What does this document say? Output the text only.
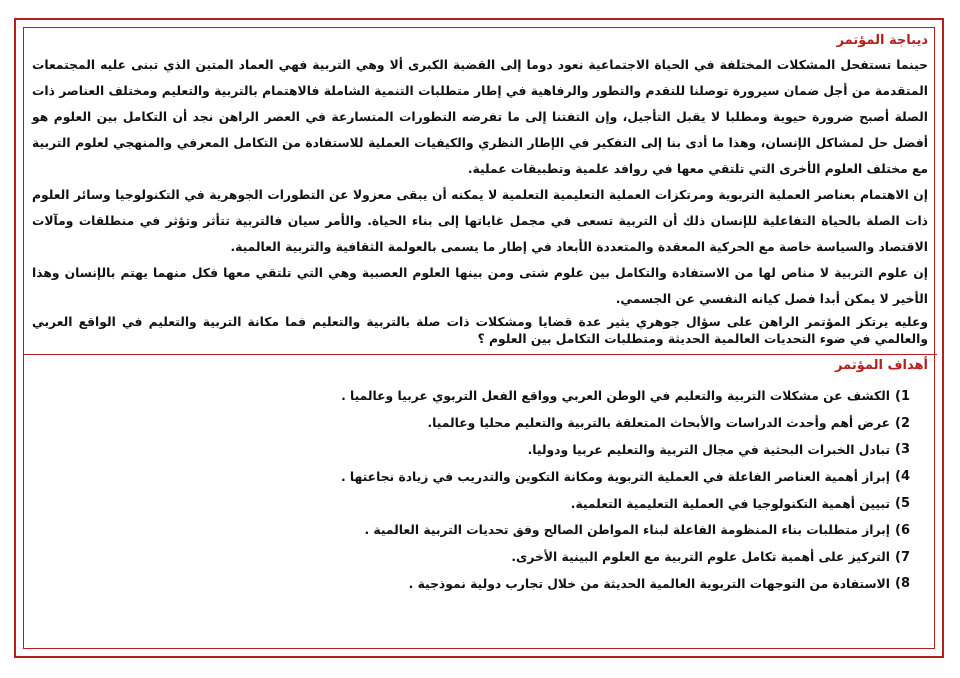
ديباجة المؤتمر

حينما تستفحل المشكلات المختلفة في الحياة الاجتماعية نعود دوما إلى القضية الكبرى ألا وهي التربية فهي العماد المتين الذي تبنى عليه المجتمعات المتقدمة من أجل ضمان سيرورة توصلنا للتقدم والتطور والرفاهية في إطار متطلبات التنمية الشاملة فالاهتمام بالتربية والتعليم ومختلف العناصر ذات الصلة أصبح ضرورة حيوية ومطلبا لا يقبل التأجيل، وإن التفتنا إلى ما تفرضه التطورات المتسارعة في العصر الراهن نجد أن التكامل بين العلوم هو أفضل حل لمشاكل الإنسان، وهذا ما أدى بنا إلى التفكير في الإطار النظري والكيفيات العملية للاستفادة من التكامل المعرفي والمنهجي لعلوم التربية مع مختلف العلوم الأخرى التي تلتقي معها في روافد علمية وتطبيقات عملية.

إن الاهتمام بعناصر العملية التربوية ومرتكزات العملية التعليمية التعلمية لا يمكنه أن يبقى معزولا عن التطورات الجوهرية في التكنولوجيا وسائر العلوم ذات الصلة بالحياة التفاعلية للإنسان ذلك أن التربية تسعى في مجمل غاياتها إلى بناء الحياة. والأمر سيان فالتربية تتأثر وتؤثر في منطلقات ومآلات الاقتصاد والسياسة خاصة مع الحركية المعقدة والمتعددة الأبعاد في إطار ما يسمى بالعولمة الثقافية والتربية العالمية.

إن علوم التربية لا مناص لها من الاستفادة والتكامل بين علوم شتى ومن بينها العلوم العصبية وهي التي تلتقي معها فكل منهما يهتم بالإنسان وهذا الأخير لا يمكن أبدا فصل كيانه النفسي عن الجسمي.

وعليه يرتكز المؤتمر الراهن على سؤال جوهري يثير عدة قضايا ومشكلات ذات صلة بالتربية والتعليم فما مكانة التربية والتعليم في الواقع العربي والعالمي في ضوء التحديات العالمية الحديثة ومتطلبات التكامل بين العلوم ؟

أهداف المؤتمر
1)
الكشف عن مشكلات التربية والتعليم في الوطن العربي وواقع الفعل التربوي عربيا وعالميا .
2)
عرض أهم وأحدث الدراسات والأبحاث المتعلقة بالتربية والتعليم محليا وعالميا.
3)
تبادل الخبرات البحثية في مجال التربية والتعليم عربيا ودوليا.
4)
إبراز أهمية العناصر الفاعلة في العملية التربوية ومكانة التكوين والتدريب في زيادة نجاعتها .
5)
تبيين أهمية التكنولوجيا في العملية التعليمية التعلمية.
6)
إبراز متطلبات بناء المنظومة الفاعلة لبناء المواطن الصالح وفق تحديات التربية العالمية .
7)
التركيز على أهمية تكامل علوم التربية مع العلوم البينية الأخرى.
8)
الاستفادة من التوجهات التربوية العالمية الحديثة من خلال تجارب دولية نموذجية .
